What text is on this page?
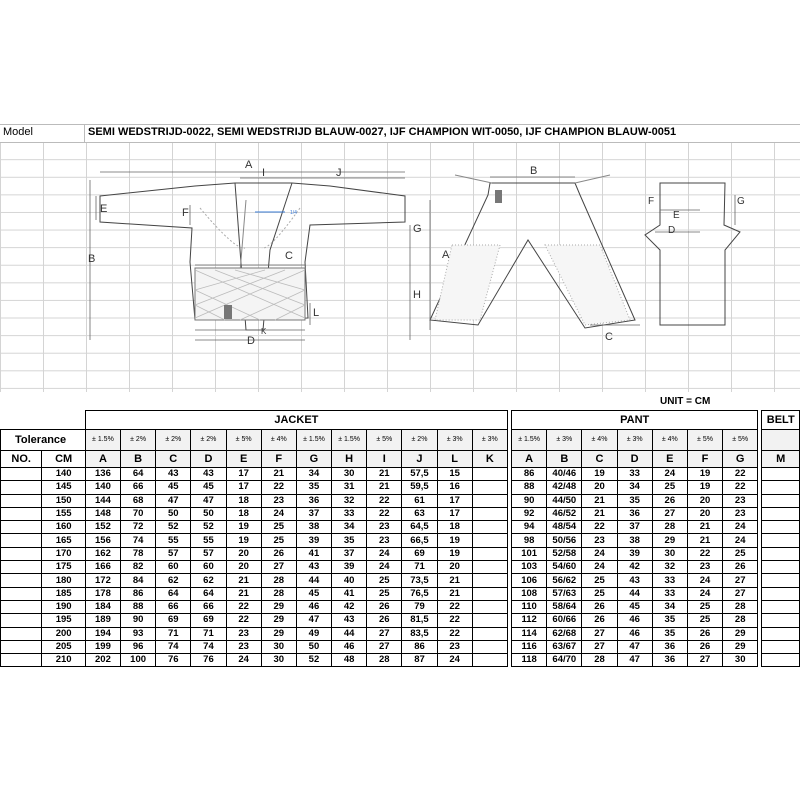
Model	SEMI WEDSTRIJD-0022, SEMI WEDSTRIJD BLAUW-0027, IJF CHAMPION WIT-0050, IJF CHAMPION BLAUW-0051
A
I	J
E	F
G
B	C
H
L
K
D
1/4
B
A
C
F
E
D
G
UNIT = CM
		JACKET													PANT								BELT
Tolerance		± 1.5%	± 2%	± 2%	± 2%	± 5%	± 4%	± 1.5%	± 1.5%	± 5%	± 2%	± 3%	± 3%		± 1.5%	± 3%	± 4%	± 3%	± 4%	± 5%	± 5%		
NO.	CM	A	B	C	D	E	F	G	H	I	J	L	K		A	B	C	D	E	F	G		M
	140	136	64	43	43	17	21	34	30	21	57,5	15			86	40/46	19	33	24	19	22		
	145	140	66	45	45	17	22	35	31	21	59,5	16			88	42/48	20	34	25	19	22		
	150	144	68	47	47	18	23	36	32	22	61	17			90	44/50	21	35	26	20	23		
	155	148	70	50	50	18	24	37	33	22	63	17			92	46/52	21	36	27	20	23		
	160	152	72	52	52	19	25	38	34	23	64,5	18			94	48/54	22	37	28	21	24		
	165	156	74	55	55	19	25	39	35	23	66,5	19			98	50/56	23	38	29	21	24		
	170	162	78	57	57	20	26	41	37	24	69	19			101	52/58	24	39	30	22	25		
	175	166	82	60	60	20	27	43	39	24	71	20			103	54/60	24	42	32	23	26		
	180	172	84	62	62	21	28	44	40	25	73,5	21			106	56/62	25	43	33	24	27		
	185	178	86	64	64	21	28	45	41	25	76,5	21			108	57/63	25	44	33	24	27		
	190	184	88	66	66	22	29	46	42	26	79	22			110	58/64	26	45	34	25	28		
	195	189	90	69	69	22	29	47	43	26	81,5	22			112	60/66	26	46	35	25	28		
	200	194	93	71	71	23	29	49	44	27	83,5	22			114	62/68	27	46	35	26	29		
	205	199	96	74	74	23	30	50	46	27	86	23			116	63/67	27	47	36	26	29		
	210	202	100	76	76	24	30	52	48	28	87	24			118	64/70	28	47	36	27	30		
